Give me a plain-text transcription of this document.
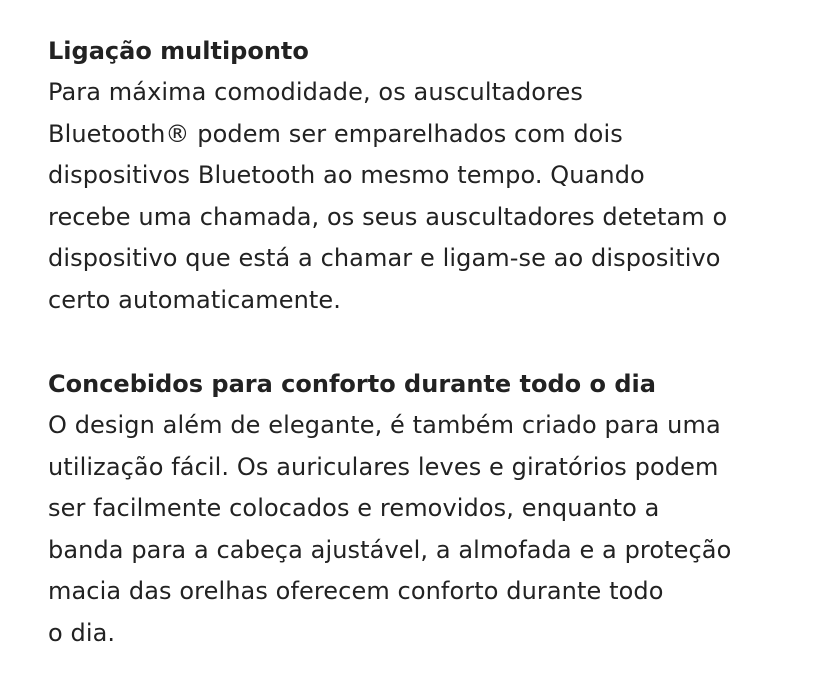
Ligação multiponto
Para máxima comodidade, os auscultadores
Bluetooth® podem ser emparelhados com dois
dispositivos Bluetooth ao mesmo tempo. Quando
recebe uma chamada, os seus auscultadores detetam o
dispositivo que está a chamar e ligam-se ao dispositivo
certo automaticamente.
Concebidos para conforto durante todo o dia
O design além de elegante, é também criado para uma
utilização fácil. Os auriculares leves e giratórios podem
ser facilmente colocados e removidos, enquanto a
banda para a cabeça ajustável, a almofada e a proteção
macia das orelhas oferecem conforto durante todo
o dia.
